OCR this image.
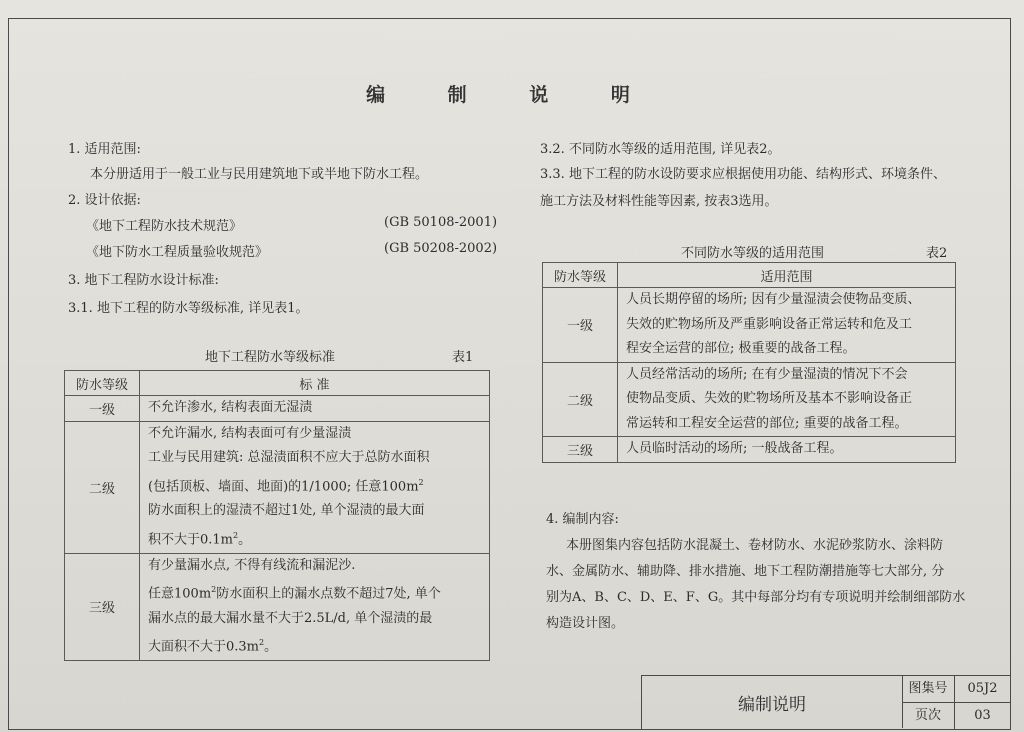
编 制 说 明
1. 适用范围:
本分册适用于一般工业与民用建筑地下或半地下防水工程。
2. 设计依据:
《地下工程防水技术规范》	(GB 50108-2001)
《地下防水工程质量验收规范》	(GB 50208-2002)
3. 地下工程防水设计标准:
3.1. 地下工程的防水等级标准, 详见表1。
地下工程防水等级标准	表1
防水等级	标 准
一级	不允许渗水, 结构表面无湿渍

二级	不允许漏水, 结构表面可有少量湿渍
工业与民用建筑: 总湿渍面积不应大于总防水面积
(包括顶板、墙面、地面)的1/1000; 任意$100m^2$
防水面积上的湿渍不超过1处, 单个湿渍的最大面
积不大于$0.1m^2$。

三级	有少量漏水点, 不得有线流和漏泥沙.
任意$100m^2$防水面积上的漏水点数不超过7处, 单个
漏水点的最大漏水量不大于2.5L/d, 单个湿渍的最
大面积不大于$0.3m^2$。
3.2. 不同防水等级的适用范围, 详见表2。
3.3. 地下工程的防水设防要求应根据使用功能、结构形式、环境条件、
施工方法及材料性能等因素, 按表3选用。
不同防水等级的适用范围	表2
防水等级	适用范围
一级	人员长期停留的场所; 因有少量湿渍会使物品变质、
失效的贮物场所及严重影响设备正常运转和危及工
程安全运营的部位; 极重要的战备工程。

二级	人员经常活动的场所; 在有少量湿渍的情况下不会
使物品变质、失效的贮物场所及基本不影响设备正
常运转和工程安全运营的部位; 重要的战备工程。

三级	人员临时活动的场所; 一般战备工程。
4. 编制内容:
本册图集内容包括防水混凝土、卷材防水、水泥砂浆防水、涂料防
水、金属防水、辅助降、排水措施、地下工程防潮措施等七大部分, 分
别为A、B、C、D、E、F、G。其中每部分均有专项说明并绘制细部防水
构造设计图。
编制说明
图集号	05J2
页次	03
